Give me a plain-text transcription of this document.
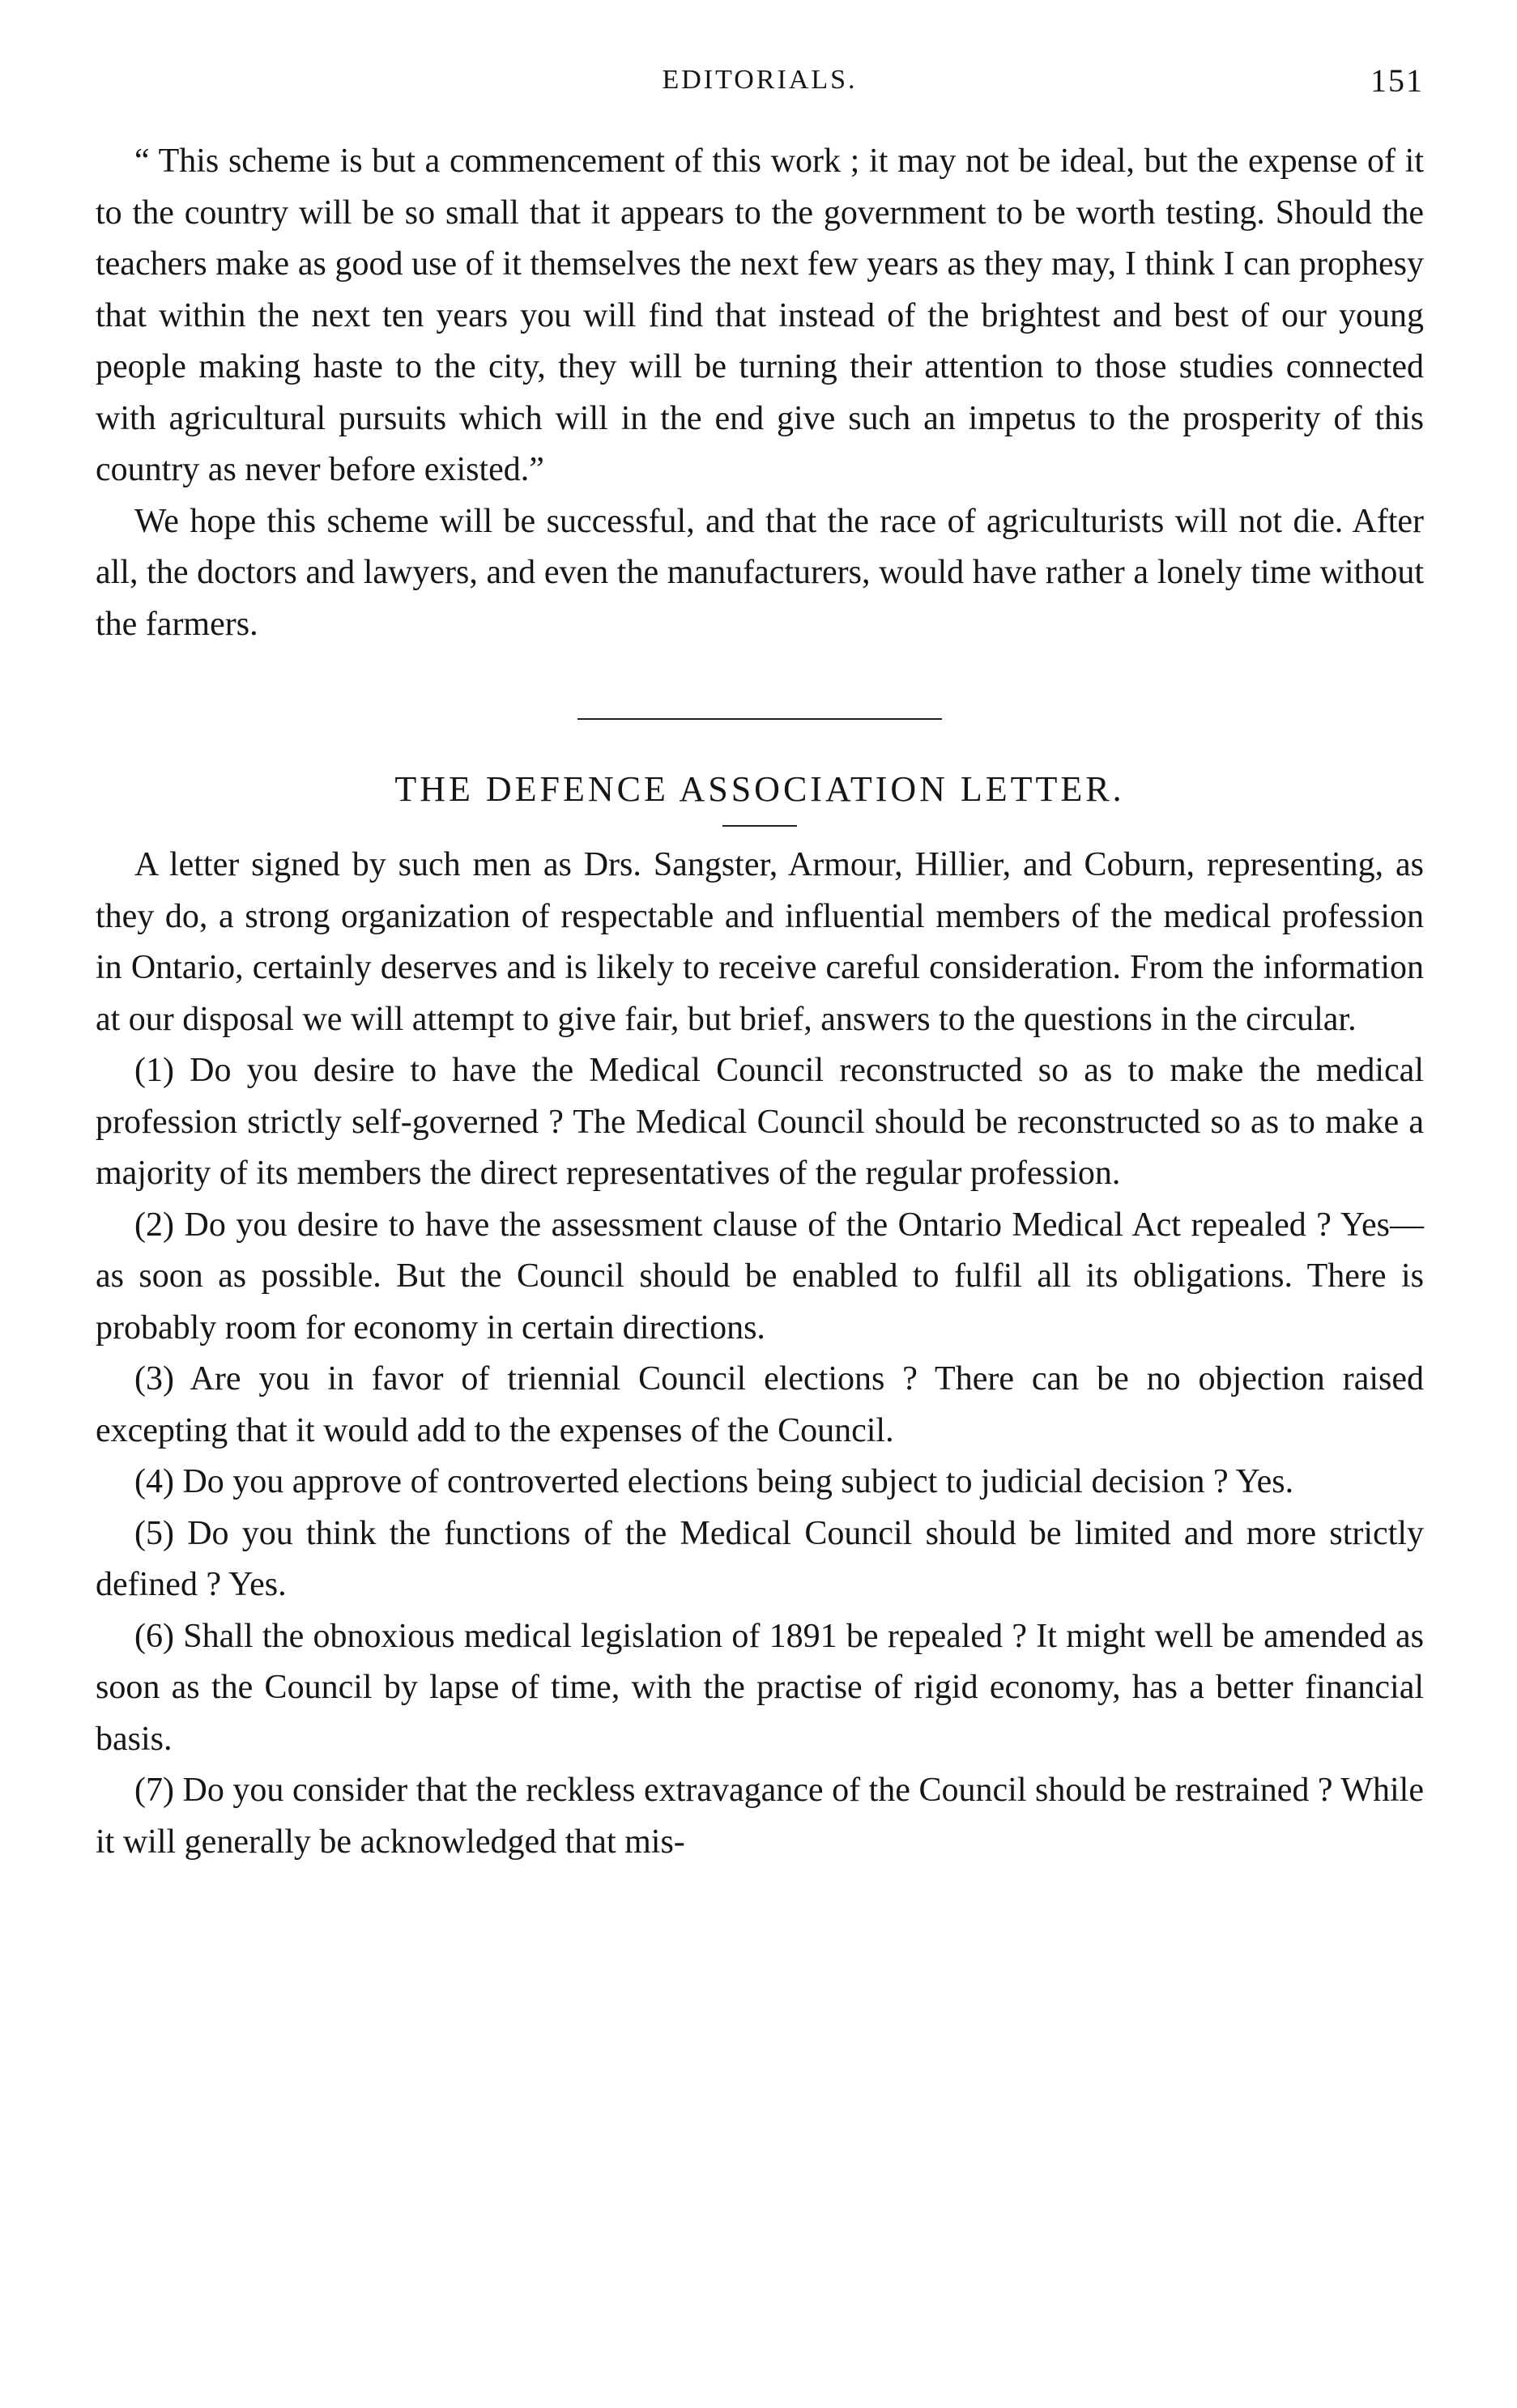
EDITORIALS.	151

“ This scheme is but a commencement of this work ; it may not be ideal, but the expense of it to the country will be so small that it appears to the government to be worth testing. Should the teachers make as good use of it themselves the next few years as they may, I think I can prophesy that within the next ten years you will find that instead of the brightest and best of our young people making haste to the city, they will be turning their attention to those studies connected with agricultural pursuits which will in the end give such an impetus to the prosperity of this country as never before existed.”

We hope this scheme will be successful, and that the race of agriculturists will not die. After all, the doctors and lawyers, and even the manufacturers, would have rather a lonely time without the farmers.

THE DEFENCE ASSOCIATION LETTER.

A letter signed by such men as Drs. Sangster, Armour, Hillier, and Coburn, representing, as they do, a strong organization of respectable and influential members of the medical profession in Ontario, certainly deserves and is likely to receive careful consideration. From the information at our disposal we will attempt to give fair, but brief, answers to the questions in the circular.

(1) Do you desire to have the Medical Council reconstructed so as to make the medical profession strictly self-governed ? The Medical Council should be reconstructed so as to make a majority of its members the direct representatives of the regular profession.

(2) Do you desire to have the assessment clause of the Ontario Medical Act repealed ? Yes—as soon as possible. But the Council should be enabled to fulfil all its obligations. There is probably room for economy in certain directions.

(3) Are you in favor of triennial Council elections ? There can be no objection raised excepting that it would add to the expenses of the Council.

(4) Do you approve of controverted elections being subject to judicial decision ? Yes.

(5) Do you think the functions of the Medical Council should be limited and more strictly defined ? Yes.

(6) Shall the obnoxious medical legislation of 1891 be repealed ? It might well be amended as soon as the Council by lapse of time, with the practise of rigid economy, has a better financial basis.

(7) Do you consider that the reckless extravagance of the Council should be restrained ? While it will generally be acknowledged that mis-
